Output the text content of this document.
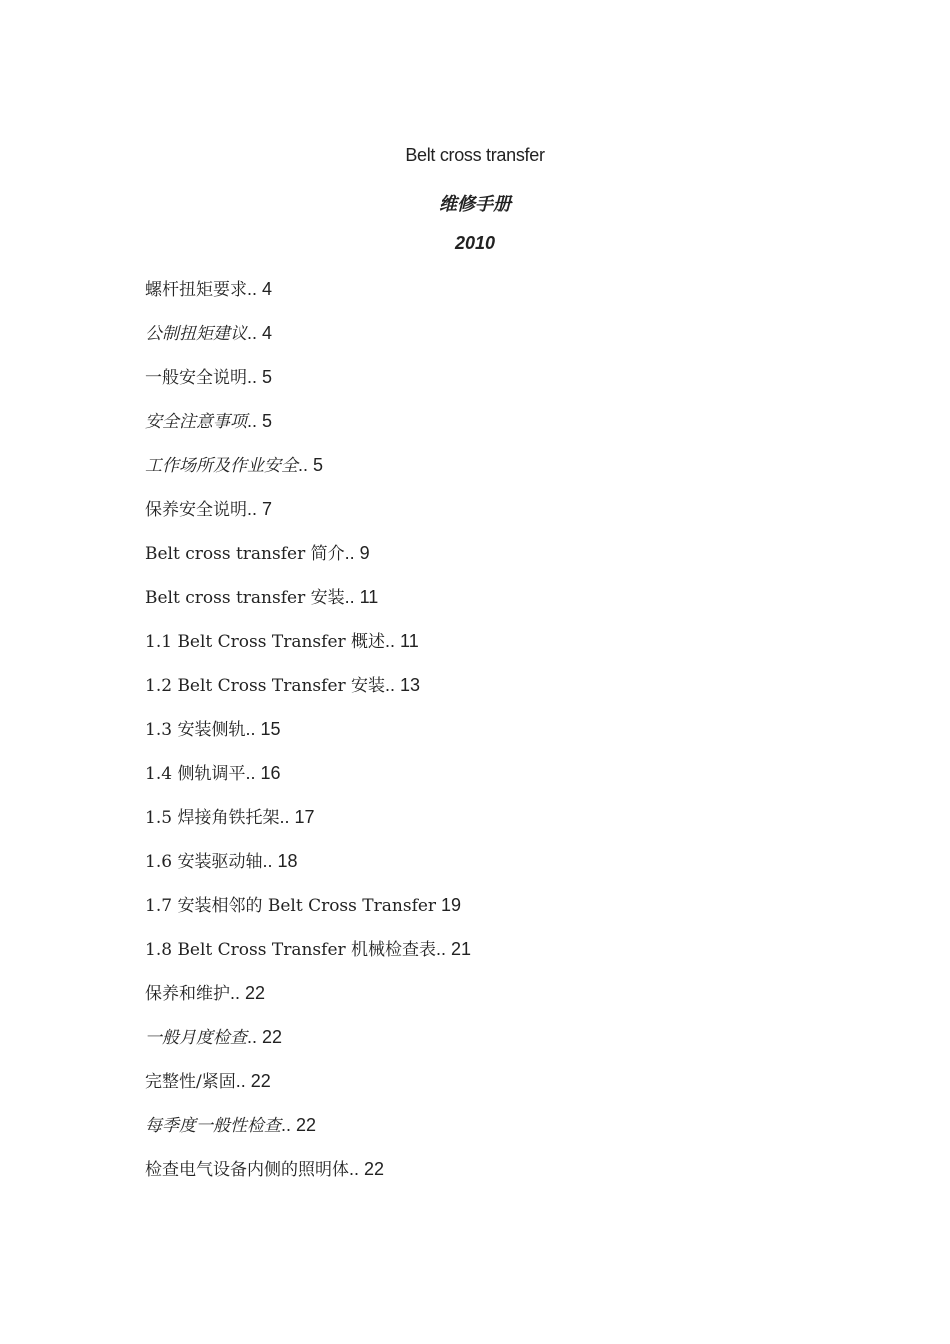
Belt cross transfer
维修手册
2010
螺杆扭矩要求.. 4
公制扭矩建议.. 4
一般安全说明.. 5
安全注意事项.. 5
工作场所及作业安全.. 5
保养安全说明.. 7
Belt cross transfer 简介.. 9
Belt cross transfer 安装.. 11
1.1 Belt Cross Transfer 概述.. 11
1.2 Belt Cross Transfer 安装.. 13
1.3 安装侧轨.. 15
1.4 侧轨调平.. 16
1.5 焊接角铁托架.. 17
1.6 安装驱动轴.. 18
1.7 安装相邻的 Belt Cross Transfer 19
1.8 Belt Cross Transfer 机械检查表.. 21
保养和维护.. 22
一般月度检查.. 22
完整性/紧固.. 22
每季度一般性检查.. 22
检查电气设备内侧的照明体.. 22
